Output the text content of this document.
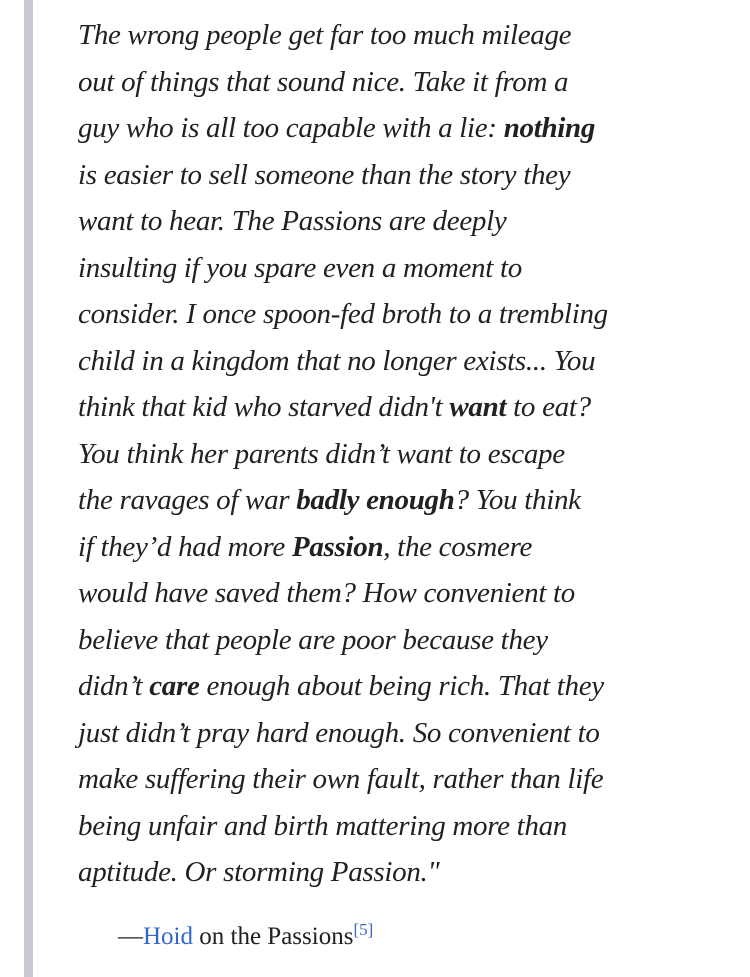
The wrong people get far too much mileage
out of things that sound nice. Take it from a
guy who is all too capable with a lie: nothing
is easier to sell someone than the story they
want to hear. The Passions are deeply
insulting if you spare even a moment to
consider. I once spoon-fed broth to a trembling
child in a kingdom that no longer exists... You
think that kid who starved didn't want to eat?
You think her parents didn’t want to escape
the ravages of war badly enough? You think
if they’d had more Passion, the cosmere
would have saved them? How convenient to
believe that people are poor because they
didn’t care enough about being rich. That they
just didn’t pray hard enough. So convenient to
make suffering their own fault, rather than life
being unfair and birth mattering more than
aptitude. Or storming Passion."
—Hoid on the Passions[5]
